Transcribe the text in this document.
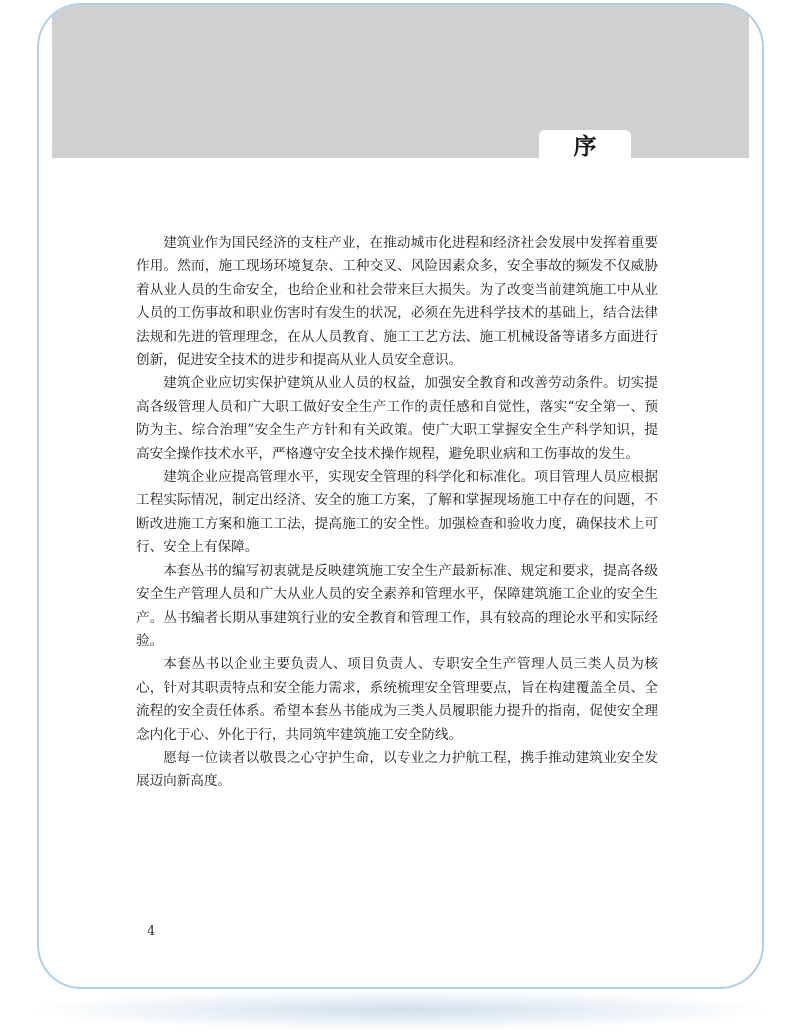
序

建筑业作为国民经济的支柱产业，在推动城市化进程和经济社会发展中发挥着重要作用。然而，施工现场环境复杂、工种交叉、风险因素众多，安全事故的频发不仅威胁着从业人员的生命安全，也给企业和社会带来巨大损失。为了改变当前建筑施工中从业人员的工伤事故和职业伤害时有发生的状况，必须在先进科学技术的基础上，结合法律法规和先进的管理理念，在从人员教育、施工工艺方法、施工机械设备等诸多方面进行创新，促进安全技术的进步和提高从业人员安全意识。

建筑企业应切实保护建筑从业人员的权益，加强安全教育和改善劳动条件。切实提高各级管理人员和广大职工做好安全生产工作的责任感和自觉性，落实“安全第一、预防为主、综合治理”安全生产方针和有关政策。使广大职工掌握安全生产科学知识，提高安全操作技术水平，严格遵守安全技术操作规程，避免职业病和工伤事故的发生。

建筑企业应提高管理水平，实现安全管理的科学化和标准化。项目管理人员应根据工程实际情况，制定出经济、安全的施工方案，了解和掌握现场施工中存在的问题，不断改进施工方案和施工工法，提高施工的安全性。加强检查和验收力度，确保技术上可行、安全上有保障。

本套丛书的编写初衷就是反映建筑施工安全生产最新标准、规定和要求，提高各级安全生产管理人员和广大从业人员的安全素养和管理水平，保障建筑施工企业的安全生产。丛书编者长期从事建筑行业的安全教育和管理工作，具有较高的理论水平和实际经验。

本套丛书以企业主要负责人、项目负责人、专职安全生产管理人员三类人员为核心，针对其职责特点和安全能力需求，系统梳理安全管理要点，旨在构建覆盖全员、全流程的安全责任体系。希望本套丛书能成为三类人员履职能力提升的指南，促使安全理念内化于心、外化于行，共同筑牢建筑施工安全防线。

愿每一位读者以敬畏之心守护生命，以专业之力护航工程，携手推动建筑业安全发展迈向新高度。

4
